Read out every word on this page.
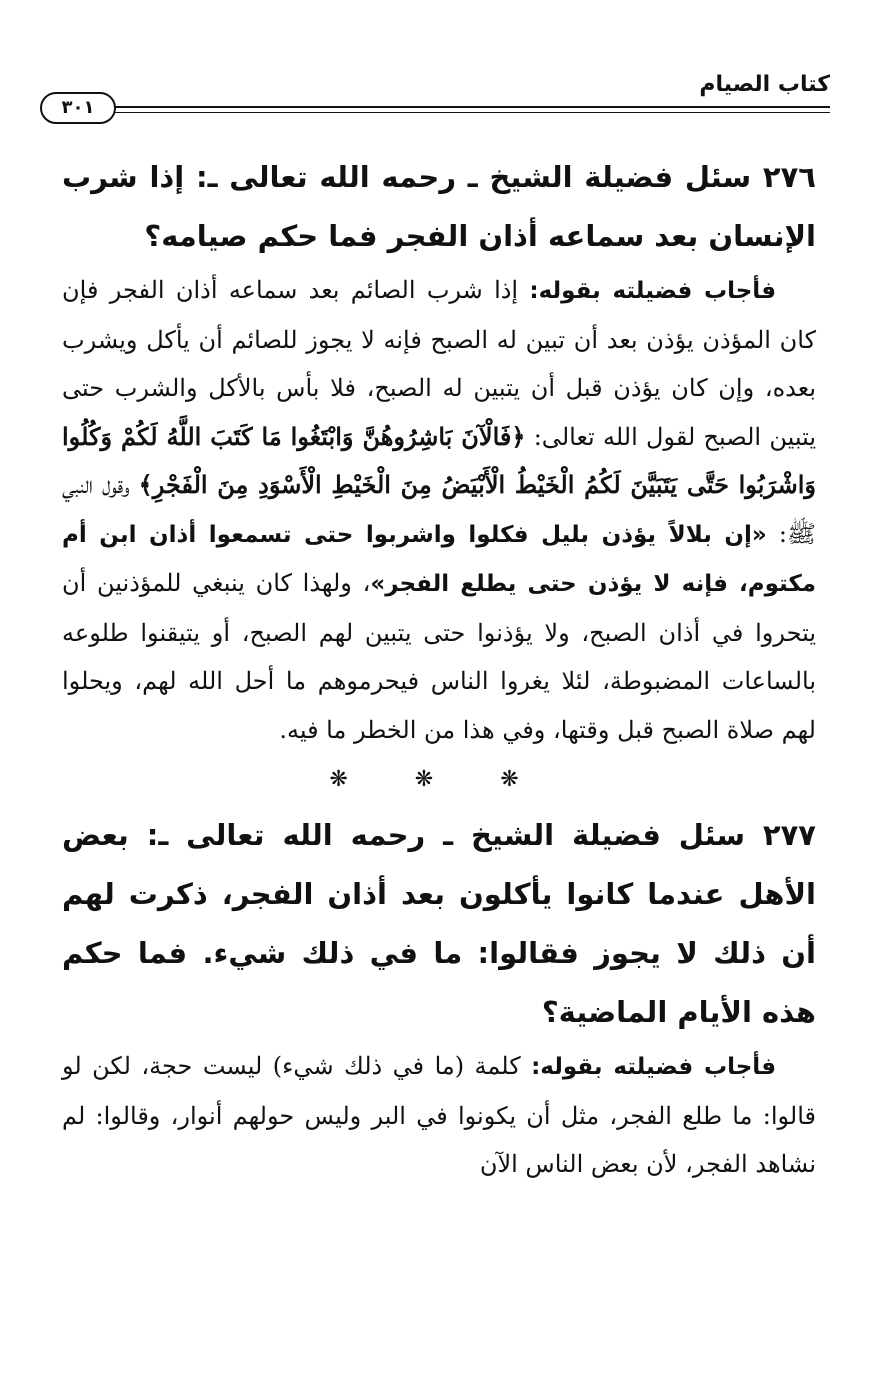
كتاب الصيام
٣٠١

٢٧٦ سئل فضيلة الشيخ ـ رحمه الله تعالى ـ: إذا شرب الإنسان بعد سماعه أذان الفجر فما حكم صيامه؟

فأجاب فضيلته بقوله: إذا شرب الصائم بعد سماعه أذان الفجر فإن كان المؤذن يؤذن بعد أن تبين له الصبح فإنه لا يجوز للصائم أن يأكل ويشرب بعده، وإن كان يؤذن قبل أن يتبين له الصبح، فلا بأس بالأكل والشرب حتى يتبين الصبح لقول الله تعالى: ﴿فَالْآنَ بَاشِرُوهُنَّ وَابْتَغُوا مَا كَتَبَ اللَّهُ لَكُمْ وَكُلُوا وَاشْرَبُوا حَتَّى يَتَبَيَّنَ لَكُمُ الْخَيْطُ الْأَبْيَضُ مِنَ الْخَيْطِ الْأَسْوَدِ مِنَ الْفَجْرِ﴾ وقول النبي ﷺ: «إن بلالاً يؤذن بليل فكلوا واشربوا حتى تسمعوا أذان ابن أم مكتوم، فإنه لا يؤذن حتى يطلع الفجر»، ولهذا كان ينبغي للمؤذنين أن يتحروا في أذان الصبح، ولا يؤذنوا حتى يتبين لهم الصبح، أو يتيقنوا طلوعه بالساعات المضبوطة، لئلا يغروا الناس فيحرموهم ما أحل الله لهم، ويحلوا لهم صلاة الصبح قبل وقتها، وفي هذا من الخطر ما فيه.

❋ ❋ ❋

٢٧٧ سئل فضيلة الشيخ ـ رحمه الله تعالى ـ: بعض الأهل عندما كانوا يأكلون بعد أذان الفجر، ذكرت لهم أن ذلك لا يجوز فقالوا: ما في ذلك شيء. فما حكم هذه الأيام الماضية؟

فأجاب فضيلته بقوله: كلمة (ما في ذلك شيء) ليست حجة، لكن لو قالوا: ما طلع الفجر، مثل أن يكونوا في البر وليس حولهم أنوار، وقالوا: لم نشاهد الفجر، لأن بعض الناس الآن
